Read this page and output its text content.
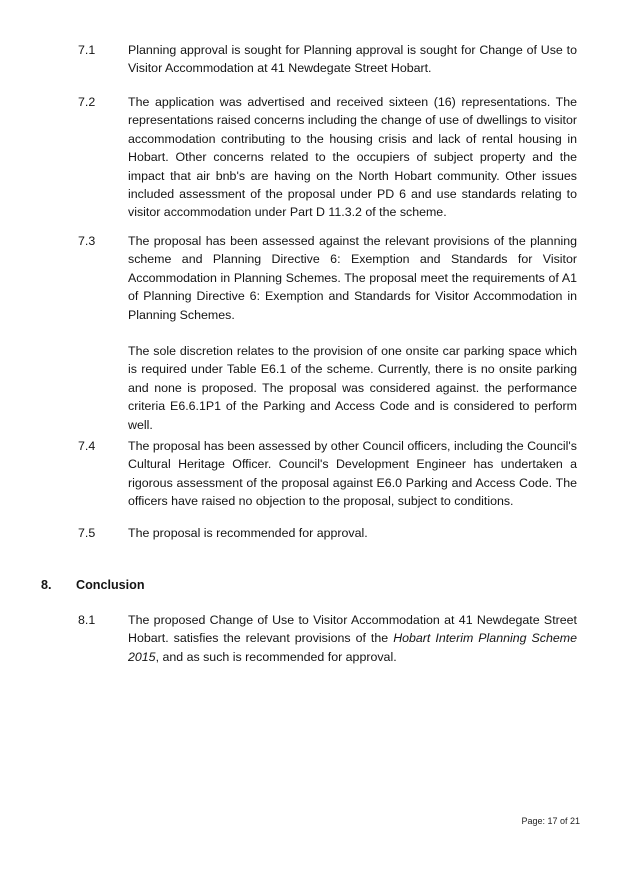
7.1	Planning approval is sought for Planning approval is sought for Change of Use to Visitor Accommodation at 41 Newdegate Street Hobart.

7.2	The application was advertised and received sixteen (16) representations. The representations raised concerns including the change of use of dwellings to visitor accommodation contributing to the housing crisis and lack of rental housing in Hobart. Other concerns related to the occupiers of subject property and the impact that air bnb's are having on the North Hobart community. Other issues included assessment of the proposal under PD 6 and use standards relating to visitor accommodation under Part D 11.3.2 of the scheme.

7.3	The proposal has been assessed against the relevant provisions of the planning scheme and Planning Directive 6: Exemption and Standards for Visitor Accommodation in Planning Schemes. The proposal meet the requirements of A1 of Planning Directive 6: Exemption and Standards for Visitor Accommodation in Planning Schemes.

The sole discretion relates to the provision of one onsite car parking space which is required under Table E6.1 of the scheme. Currently, there is no onsite parking and none is proposed. The proposal was considered against. the performance criteria E6.6.1P1 of the Parking and Access Code and is considered to perform well.

7.4	The proposal has been assessed by other Council officers, including the Council's Cultural Heritage Officer. Council's Development Engineer has undertaken a rigorous assessment of the proposal against E6.0 Parking and Access Code. The officers have raised no objection to the proposal, subject to conditions.

7.5	The proposal is recommended for approval.

8. Conclusion
8.1	The proposed Change of Use to Visitor Accommodation at 41 Newdegate Street Hobart. satisfies the relevant provisions of the Hobart Interim Planning Scheme 2015, and as such is recommended for approval.

Page: 17 of 21
